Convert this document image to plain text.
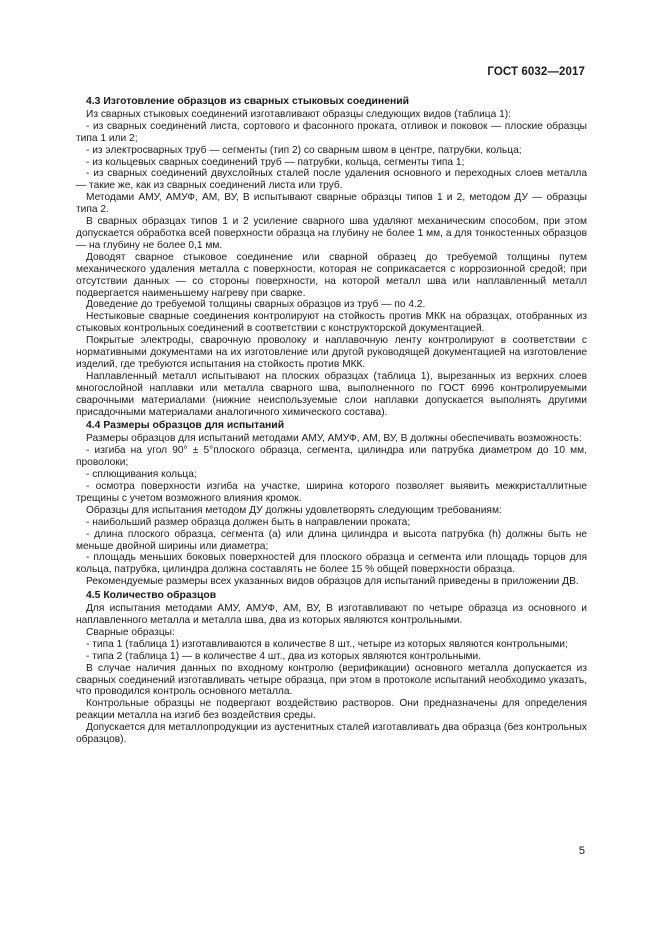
ГОСТ 6032—2017
4.3 Изготовление образцов из сварных стыковых соединений

Из сварных стыковых соединений изготавливают образцы следующих видов (таблица 1):

- из сварных соединений листа, сортового и фасонного проката, отливок и поковок — плоские образцы типа 1 или 2;

- из электросварных труб — сегменты (тип 2) со сварным швом в центре, патрубки, кольца;

- из кольцевых сварных соединений труб — патрубки, кольца, сегменты типа 1;

- из сварных соединений двухслойных сталей после удаления основного и переходных слоев металла — такие же, как из сварных соединений листа или труб.

Методами АМУ, АМУФ, АМ, ВУ, В испытывают сварные образцы типов 1 и 2, методом ДУ — образцы типа 2.

В сварных образцах типов 1 и 2 усиление сварного шва удаляют механическим способом, при этом допускается обработка всей поверхности образца на глубину не более 1 мм, а для тонкостенных образцов — на глубину не более 0,1 мм.

Доводят сварное стыковое соединение или сварной образец до требуемой толщины путем механического удаления металла с поверхности, которая не соприкасается с коррозионной средой; при отсутствии данных — со стороны поверхности, на которой металл шва или наплавленный металл подвергается наименьшему нагреву при сварке.

Доведение до требуемой толщины сварных образцов из труб — по 4.2.

Нестыковые сварные соединения контролируют на стойкость против МКК на образцах, отобранных из стыковых контрольных соединений в соответствии с конструкторской документацией.

Покрытые электроды, сварочную проволоку и наплавочную ленту контролируют в соответствии с нормативными документами на их изготовление или другой руководящей документацией на изготовление изделий, где требуются испытания на стойкость против МКК.

Наплавленный металл испытывают на плоских образцах (таблица 1), вырезанных из верхних слоев многослойной наплавки или металла сварного шва, выполненного по ГОСТ 6996 контролируемыми сварочными материалами (нижние неиспользуемые слои наплавки допускается выполнять другими присадочными материалами аналогичного химического состава).

4.4 Размеры образцов для испытаний

Размеры образцов для испытаний методами АМУ, АМУФ, АМ, ВУ, В должны обеспечивать возможность:

- изгиба на угол 90° ± 5°плоского образца, сегмента, цилиндра или патрубка диаметром до 10 мм, проволоки;

- сплющивания кольца;

- осмотра поверхности изгиба на участке, ширина которого позволяет выявить межкристаллитные трещины с учетом возможного влияния кромок.

Образцы для испытания методом ДУ должны удовлетворять следующим требованиям:

- наибольший размер образца должен быть в направлении проката;

- длина плоского образца, сегмента (a) или длина цилиндра и высота патрубка (h) должны быть не меньше двойной ширины или диаметра;

- площадь меньших боковых поверхностей для плоского образца и сегмента или площадь торцов для кольца, патрубка, цилиндра должна составлять не более 15 % общей поверхности образца.

Рекомендуемые размеры всех указанных видов образцов для испытаний приведены в приложении ДВ.

4.5 Количество образцов

Для испытания методами АМУ, АМУФ, АМ, ВУ, В изготавливают по четыре образца из основного и наплавленного металла и металла шва, два из которых являются контрольными.

Сварные образцы:

- типа 1 (таблица 1) изготавливаются в количестве 8 шт., четыре из которых являются контрольными;

- типа 2 (таблица 1) — в количестве 4 шт., два из которых являются контрольными.

В случае наличия данных по входному контролю (верификации) основного металла допускается из сварных соединений изготавливать четыре образца, при этом в протоколе испытаний необходимо указать, что проводился контроль основного металла.

Контрольные образцы не подвергают воздействию растворов. Они предназначены для определения реакции металла на изгиб без воздействия среды.

Допускается для металлопродукции из аустенитных сталей изготавливать два образца (без контрольных образцов).

5
